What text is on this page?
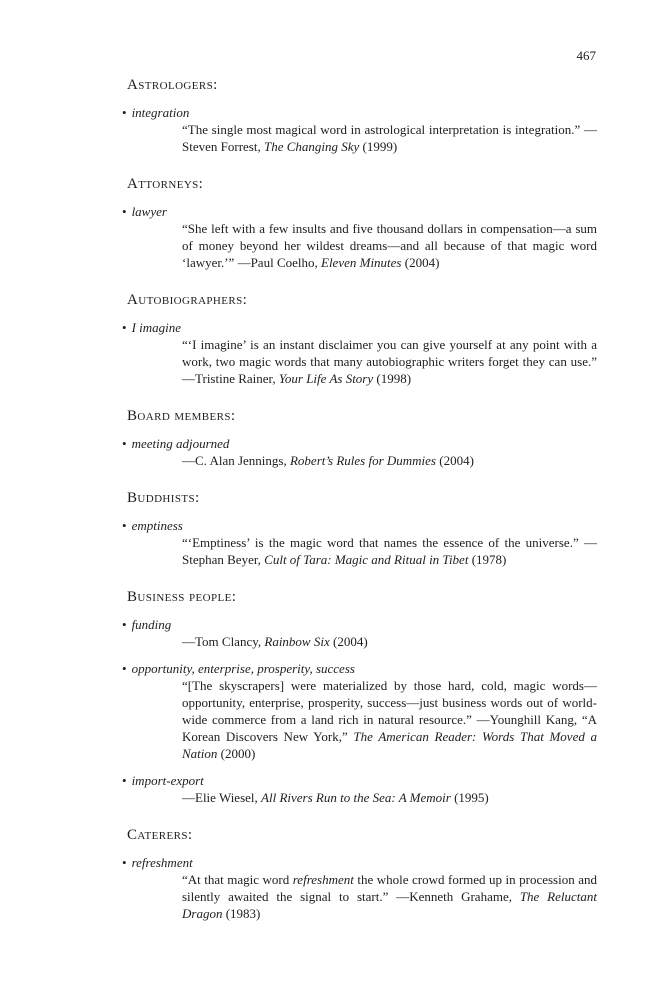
467
Astrologers:
• integration

“The single most magical word in astrological interpretation is integration.” —Steven Forrest, The Changing Sky (1999)

Attorneys:
• lawyer

“She left with a few insults and five thousand dollars in compensation—a sum of money beyond her wildest dreams—and all because of that magic word ‘lawyer.’” —Paul Coelho, Eleven Minutes (2004)

Autobiographers:
• I imagine

“‘I imagine’ is an instant disclaimer you can give yourself at any point with a work, two magic words that many autobiographic writers forget they can use.” —Tristine Rainer, Your Life As Story (1998)

Board members:
• meeting adjourned

—C. Alan Jennings, Robert’s Rules for Dummies (2004)

Buddhists:
• emptiness

“‘Emptiness’ is the magic word that names the essence of the universe.” —Stephan Beyer, Cult of Tara: Magic and Ritual in Tibet (1978)

Business people:
• funding

—Tom Clancy, Rainbow Six (2004)

• opportunity, enterprise, prosperity, success

“[The skyscrapers] were materialized by those hard, cold, magic words—opportunity, enterprise, prosperity, success—just business words out of world-wide commerce from a land rich in natural resource.” —Younghill Kang, “A Korean Discovers New York,” The American Reader: Words That Moved a Nation (2000)

• import-export

—Elie Wiesel, All Rivers Run to the Sea: A Memoir (1995)

Caterers:
• refreshment

“At that magic word refreshment the whole crowd formed up in procession and silently awaited the signal to start.” —Kenneth Grahame, The Reluctant Dragon (1983)
